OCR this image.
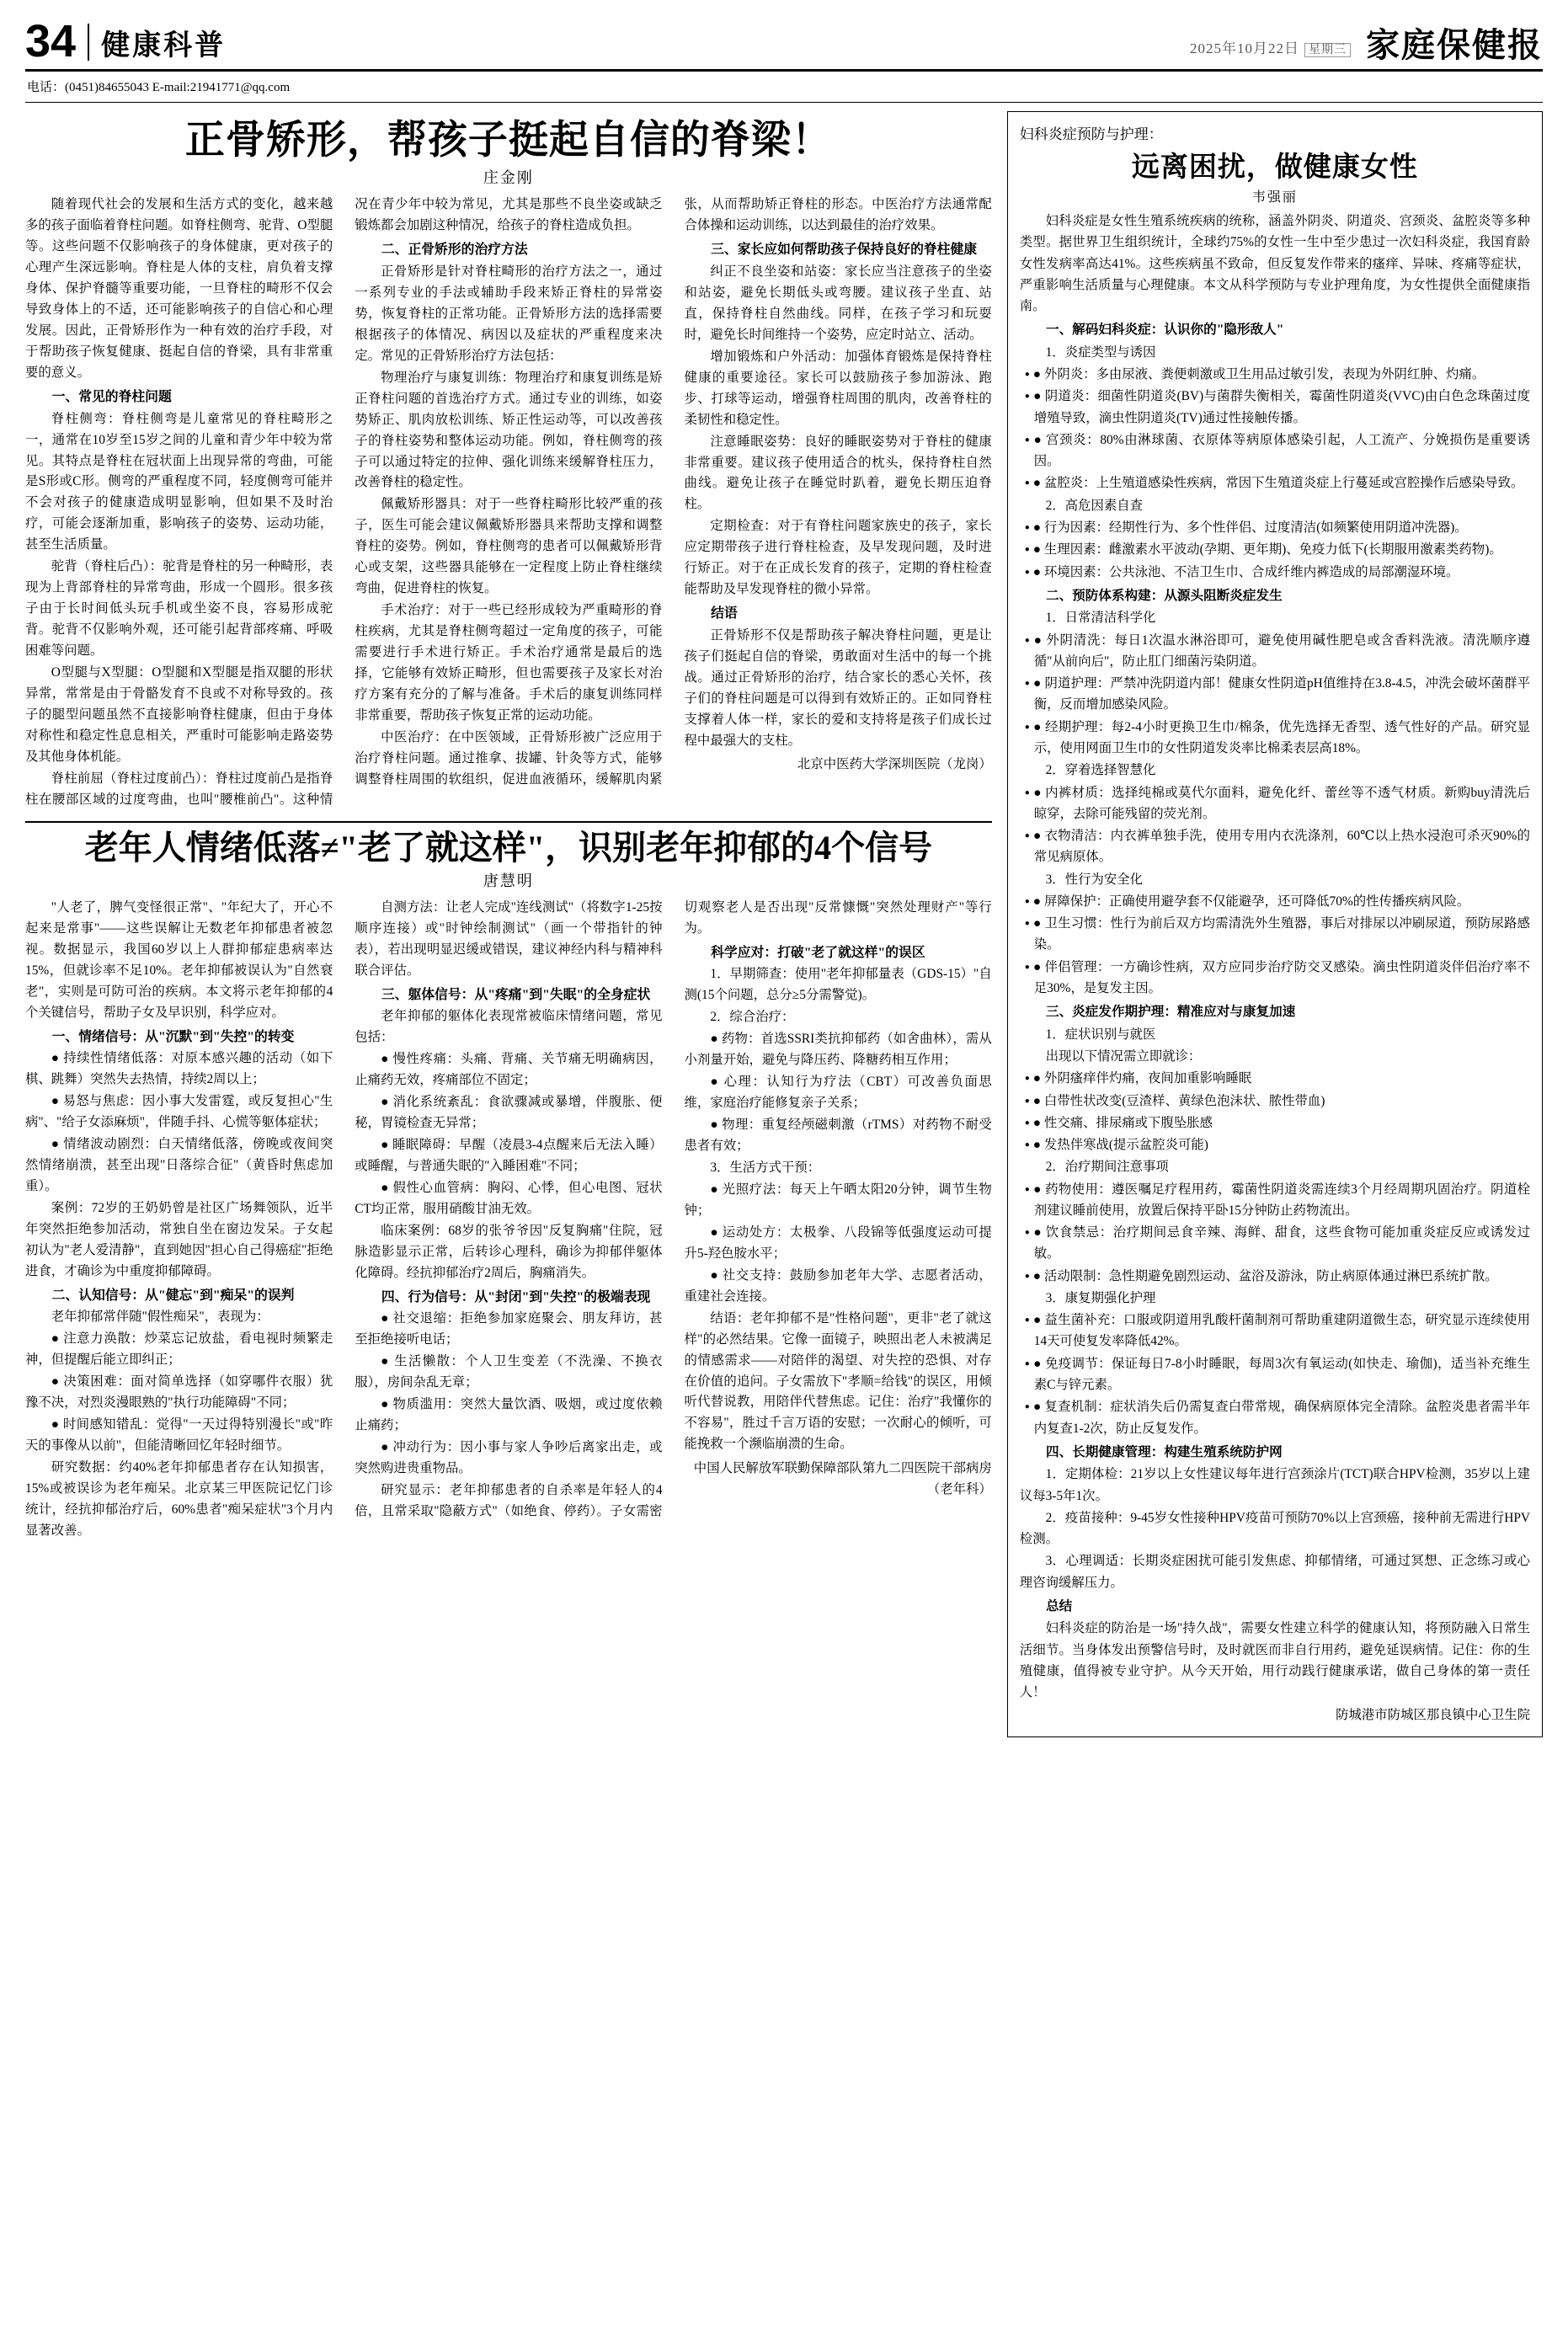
34 健康科普	2025年10月22日 星期三 家庭保健报
电话：(0451)84655043 E-mail:21941771@qq.com
正骨矫形，帮孩子挺起自信的脊梁！
庄金刚

随着现代社会的发展和生活方式的变化，越来越多的孩子面临着脊柱问题。如脊柱侧弯、驼背、O型腿等。这些问题不仅影响孩子的身体健康，更对孩子的心理产生深远影响。脊柱是人体的支柱，肩负着支撑身体、保护脊髓等重要功能，一旦脊柱的畸形不仅会导致身体上的不适，还可能影响孩子的自信心和心理发展。因此，正骨矫形作为一种有效的治疗手段，对于帮助孩子恢复健康、挺起自信的脊梁，具有非常重要的意义。

一、常见的脊柱问题

脊柱侧弯：脊柱侧弯是儿童常见的脊柱畸形之一，通常在10岁至15岁之间的儿童和青少年中较为常见。其特点是脊柱在冠状面上出现异常的弯曲，可能是S形或C形。侧弯的严重程度不同，轻度侧弯可能并不会对孩子的健康造成明显影响，但如果不及时治疗，可能会逐渐加重，影响孩子的姿势、运动功能，甚至生活质量。

驼背（脊柱后凸）：驼背是脊柱的另一种畸形，表现为上背部脊柱的异常弯曲，形成一个圆形。很多孩子由于长时间低头玩手机或坐姿不良，容易形成驼背。驼背不仅影响外观，还可能引起背部疼痛、呼吸困难等问题。

O型腿与X型腿：O型腿和X型腿是指双腿的形状异常，常常是由于骨骼发育不良或不对称导致的。孩子的腿型问题虽然不直接影响脊柱健康，但由于身体对称性和稳定性息息相关，严重时可能影响走路姿势及其他身体机能。

脊柱前屈（脊柱过度前凸）：脊柱过度前凸是指脊柱在腰部区域的过度弯曲，也叫"腰椎前凸"。这种情况在青少年中较为常见，尤其是那些不良坐姿或缺乏锻炼都会加剧这种情况，给孩子的脊柱造成负担。

二、正骨矫形的治疗方法

正骨矫形是针对脊柱畸形的治疗方法之一，通过一系列专业的手法或辅助手段来矫正脊柱的异常姿势，恢复脊柱的正常功能。正骨矫形方法的选择需要根据孩子的体情况、病因以及症状的严重程度来决定。常见的正骨矫形治疗方法包括：

物理治疗与康复训练：物理治疗和康复训练是矫正脊柱问题的首选治疗方式。通过专业的训练，如姿势矫正、肌肉放松训练、矫正性运动等，可以改善孩子的脊柱姿势和整体运动功能。例如，脊柱侧弯的孩子可以通过特定的拉伸、强化训练来缓解脊柱压力，改善脊柱的稳定性。

佩戴矫形器具：对于一些脊柱畸形比较严重的孩子，医生可能会建议佩戴矫形器具来帮助支撑和调整脊柱的姿势。例如，脊柱侧弯的患者可以佩戴矫形背心或支架，这些器具能够在一定程度上防止脊柱继续弯曲，促进脊柱的恢复。

手术治疗：对于一些已经形成较为严重畸形的脊柱疾病，尤其是脊柱侧弯超过一定角度的孩子，可能需要进行手术进行矫正。手术治疗通常是最后的选择，它能够有效矫正畸形，但也需要孩子及家长对治疗方案有充分的了解与准备。手术后的康复训练同样非常重要，帮助孩子恢复正常的运动功能。

中医治疗：在中医领域，正骨矫形被广泛应用于治疗脊柱问题。通过推拿、拔罐、针灸等方式，能够调整脊柱周围的软组织，促进血液循环，缓解肌肉紧张，从而帮助矫正脊柱的形态。中医治疗方法通常配合体操和运动训练，以达到最佳的治疗效果。

三、家长应如何帮助孩子保持良好的脊柱健康

纠正不良坐姿和站姿：家长应当注意孩子的坐姿和站姿，避免长期低头或弯腰。建议孩子坐直、站直，保持脊柱自然曲线。同样，在孩子学习和玩耍时，避免长时间维持一个姿势，应定时站立、活动。

增加锻炼和户外活动：加强体育锻炼是保持脊柱健康的重要途径。家长可以鼓励孩子参加游泳、跑步、打球等运动，增强脊柱周围的肌肉，改善脊柱的柔韧性和稳定性。

注意睡眠姿势：良好的睡眠姿势对于脊柱的健康非常重要。建议孩子使用适合的枕头，保持脊柱自然曲线。避免让孩子在睡觉时趴着，避免长期压迫脊柱。

定期检查：对于有脊柱问题家族史的孩子，家长应定期带孩子进行脊柱检查，及早发现问题，及时进行矫正。对于在正成长发育的孩子，定期的脊柱检查能帮助及早发现脊柱的微小异常。

结语

正骨矫形不仅是帮助孩子解决脊柱问题，更是让孩子们挺起自信的脊梁，勇敢面对生活中的每一个挑战。通过正骨矫形的治疗，结合家长的悉心关怀，孩子们的脊柱问题是可以得到有效矫正的。正如同脊柱支撑着人体一样，家长的爱和支持将是孩子们成长过程中最强大的支柱。

北京中医药大学深圳医院（龙岗）

老年人情绪低落≠"老了就这样"，识别老年抑郁的4个信号
唐慧明

"人老了，脾气变怪很正常"、"年纪大了，开心不起来是常事"——这些误解让无数老年抑郁患者被忽视。数据显示，我国60岁以上人群抑郁症患病率达15%，但就诊率不足10%。老年抑郁被误认为"自然衰老"，实则是可防可治的疾病。本文将示老年抑郁的4个关键信号，帮助子女及早识别，科学应对。

一、情绪信号：从"沉默"到"失控"的转变

● 持续性情绪低落：对原本感兴趣的活动（如下棋、跳舞）突然失去热情，持续2周以上；

● 易怒与焦虑：因小事大发雷霆，或反复担心"生病"、"给子女添麻烦"，伴随手抖、心慌等躯体症状；

● 情绪波动剧烈：白天情绪低落，傍晚或夜间突然情绪崩溃，甚至出现"日落综合征"（黄昏时焦虑加重）。

案例：72岁的王奶奶曾是社区广场舞领队，近半年突然拒绝参加活动，常独自坐在窗边发呆。子女起初认为"老人爱清静"，直到她因"担心自己得癌症"拒绝进食，才确诊为中重度抑郁障碍。

二、认知信号：从"健忘"到"痴呆"的误判

老年抑郁常伴随"假性痴呆"，表现为：

● 注意力涣散：炒菜忘记放盐，看电视时频繁走神，但提醒后能立即纠正；

● 决策困难：面对简单选择（如穿哪件衣服）犹豫不决，对烈炎漫眼熟的"执行功能障碍"不同；

● 时间感知错乱：觉得"一天过得特别漫长"或"昨天的事像从以前"，但能清晰回忆年轻时细节。

研究数据：约40%老年抑郁患者存在认知损害，15%或被误诊为老年痴呆。北京某三甲医院记忆门诊统计，经抗抑郁治疗后，60%患者"痴呆症状"3个月内显著改善。

自测方法：让老人完成"连线测试"（将数字1-25按顺序连接）或"时钟绘制测试"（画一个带指针的钟表），若出现明显迟缓或错误，建议神经内科与精神科联合评估。

三、躯体信号：从"疼痛"到"失眠"的全身症状

老年抑郁的躯体化表现常被临床情绪问题，常见包括：

● 慢性疼痛：头痛、背痛、关节痛无明确病因，止痛药无效，疼痛部位不固定；

● 消化系统紊乱：食欲骤减或暴增，伴腹胀、便秘，胃镜检查无异常；

● 睡眠障碍：早醒（凌晨3-4点醒来后无法入睡）或睡醒，与普通失眠的"入睡困难"不同；

● 假性心血管病：胸闷、心悸，但心电图、冠状CT均正常，服用硝酸甘油无效。

临床案例：68岁的张爷爷因"反复胸痛"住院，冠脉造影显示正常，后转诊心理科，确诊为抑郁伴躯体化障碍。经抗抑郁治疗2周后，胸痛消失。

四、行为信号：从"封闭"到"失控"的极端表现

● 社交退缩：拒绝参加家庭聚会、朋友拜访，甚至拒绝接听电话；

● 生活懒散：个人卫生变差（不洗澡、不换衣服），房间杂乱无章；

● 物质滥用：突然大量饮酒、吸烟，或过度依赖止痛药；

● 冲动行为：因小事与家人争吵后离家出走，或突然购进贵重物品。

研究显示：老年抑郁患者的自杀率是年轻人的4倍，且常采取"隐蔽方式"（如绝食、停药）。子女需密切观察老人是否出现"反常慷慨"突然处理财产"等行为。

科学应对：打破"老了就这样"的误区

1．早期筛查：使用"老年抑郁量表（GDS-15）"自测(15个问题，总分≥5分需警觉)。

2．综合治疗：

● 药物：首选SSRI类抗抑郁药（如舍曲林），需从小剂量开始，避免与降压药、降糖药相互作用；

● 心理：认知行为疗法（CBT）可改善负面思维，家庭治疗能修复亲子关系；

● 物理：重复经颅磁刺激（rTMS）对药物不耐受患者有效；

3．生活方式干预：

● 光照疗法：每天上午晒太阳20分钟，调节生物钟；

● 运动处方：太极拳、八段锦等低强度运动可提升5-羟色胺水平；

● 社交支持：鼓励参加老年大学、志愿者活动，重建社会连接。

结语：老年抑郁不是"性格问题"，更非"老了就这样"的必然结果。它像一面镜子，映照出老人未被满足的情感需求——对陪伴的渴望、对失控的恐惧、对存在价值的追问。子女需放下"孝顺=给钱"的误区，用倾听代替说教，用陪伴代替焦虑。记住：治疗"我懂你的不容易"，胜过千言万语的安慰；一次耐心的倾听，可能挽救一个濒临崩溃的生命。

中国人民解放军联勤保障部队第九二四医院干部病房（老年科）

妇科炎症预防与护理：
远离困扰，做健康女性
韦强丽

妇科炎症是女性生殖系统疾病的统称，涵盖外阴炎、阴道炎、宫颈炎、盆腔炎等多种类型。据世界卫生组织统计，全球约75%的女性一生中至少患过一次妇科炎症，我国育龄女性发病率高达41%。这些疾病虽不致命，但反复发作带来的瘙痒、异味、疼痛等症状，严重影响生活质量与心理健康。本文从科学预防与专业护理角度，为女性提供全面健康指南。

一、解码妇科炎症：认识你的"隐形敌人"

1．炎症类型与诱因

● ● 外阴炎：多由尿液、粪便刺激或卫生用品过敏引发，表现为外阴红肿、灼痛。

● ● 阴道炎：细菌性阴道炎(BV)与菌群失衡相关，霉菌性阴道炎(VVC)由白色念珠菌过度增殖导致，滴虫性阴道炎(TV)通过性接触传播。

● ● 宫颈炎：80%由淋球菌、衣原体等病原体感染引起，人工流产、分娩损伤是重要诱因。

● ● 盆腔炎：上生殖道感染性疾病，常因下生殖道炎症上行蔓延或宫腔操作后感染导致。

2．高危因素自查

● ● 行为因素：经期性行为、多个性伴侣、过度清洁(如频繁使用阴道冲洗器)。

● ● 生理因素：雌激素水平波动(孕期、更年期)、免疫力低下(长期服用激素类药物)。

● ● 环境因素：公共泳池、不洁卫生巾、合成纤维内裤造成的局部潮湿环境。

二、预防体系构建：从源头阻断炎症发生

1．日常清洁科学化

● ● 外阴清洗：每日1次温水淋浴即可，避免使用碱性肥皂或含香料洗液。清洗顺序遵循"从前向后"，防止肛门细菌污染阴道。

● ● 阴道护理：严禁冲洗阴道内部！健康女性阴道pH值维持在3.8-4.5，冲洗会破坏菌群平衡，反而增加感染风险。

● ● 经期护理：每2-4小时更换卫生巾/棉条，优先选择无香型、透气性好的产品。研究显示，使用网面卫生巾的女性阴道发炎率比棉柔表层高18%。

2．穿着选择智慧化

● ● 内裤材质：选择纯棉或莫代尔面料，避免化纤、蕾丝等不透气材质。新购buy清洗后晾穿，去除可能残留的荧光剂。

● ● 衣物清洁：内衣裤单独手洗，使用专用内衣洗涤剂，60℃以上热水浸泡可杀灭90%的常见病原体。

3．性行为安全化

● ● 屏障保护：正确使用避孕套不仅能避孕，还可降低70%的性传播疾病风险。

● ● 卫生习惯：性行为前后双方均需清洗外生殖器，事后对排尿以冲刷尿道，预防尿路感染。

● ● 伴侣管理：一方确诊性病，双方应同步治疗防交叉感染。滴虫性阴道炎伴侣治疗率不足30%，是复发主因。

三、炎症发作期护理：精准应对与康复加速

1．症状识别与就医

出现以下情况需立即就诊：

● ● 外阴瘙痒伴灼痛，夜间加重影响睡眠

● ● 白带性状改变(豆渣样、黄绿色泡沫状、脓性带血)

● ● 性交痛、排尿痛或下腹坠胀感

● ● 发热伴寒战(提示盆腔炎可能)

2．治疗期间注意事项

● ● 药物使用：遵医嘱足疗程用药，霉菌性阴道炎需连续3个月经周期巩固治疗。阴道栓剂建议睡前使用，放置后保持平卧15分钟防止药物流出。

● ● 饮食禁忌：治疗期间忌食辛辣、海鲜、甜食，这些食物可能加重炎症反应或诱发过敏。

● ● 活动限制：急性期避免剧烈运动、盆浴及游泳，防止病原体通过淋巴系统扩散。

3．康复期强化护理

● ● 益生菌补充：口服或阴道用乳酸杆菌制剂可帮助重建阴道微生态，研究显示连续使用14天可使复发率降低42%。

● ● 免疫调节：保证每日7-8小时睡眠，每周3次有氧运动(如快走、瑜伽)，适当补充维生素C与锌元素。

● ● 复查机制：症状消失后仍需复查白带常规，确保病原体完全清除。盆腔炎患者需半年内复查1-2次，防止反复发作。

四、长期健康管理：构建生殖系统防护网

1．定期体检：21岁以上女性建议每年进行宫颈涂片(TCT)联合HPV检测，35岁以上建议每3-5年1次。

2．疫苗接种：9-45岁女性接种HPV疫苗可预防70%以上宫颈癌，接种前无需进行HPV检测。

3．心理调适：长期炎症困扰可能引发焦虑、抑郁情绪，可通过冥想、正念练习或心理咨询缓解压力。

总结

妇科炎症的防治是一场"持久战"，需要女性建立科学的健康认知，将预防融入日常生活细节。当身体发出预警信号时，及时就医而非自行用药，避免延误病情。记住：你的生殖健康，值得被专业守护。从今天开始，用行动践行健康承诺，做自己身体的第一责任人！

防城港市防城区那良镇中心卫生院
